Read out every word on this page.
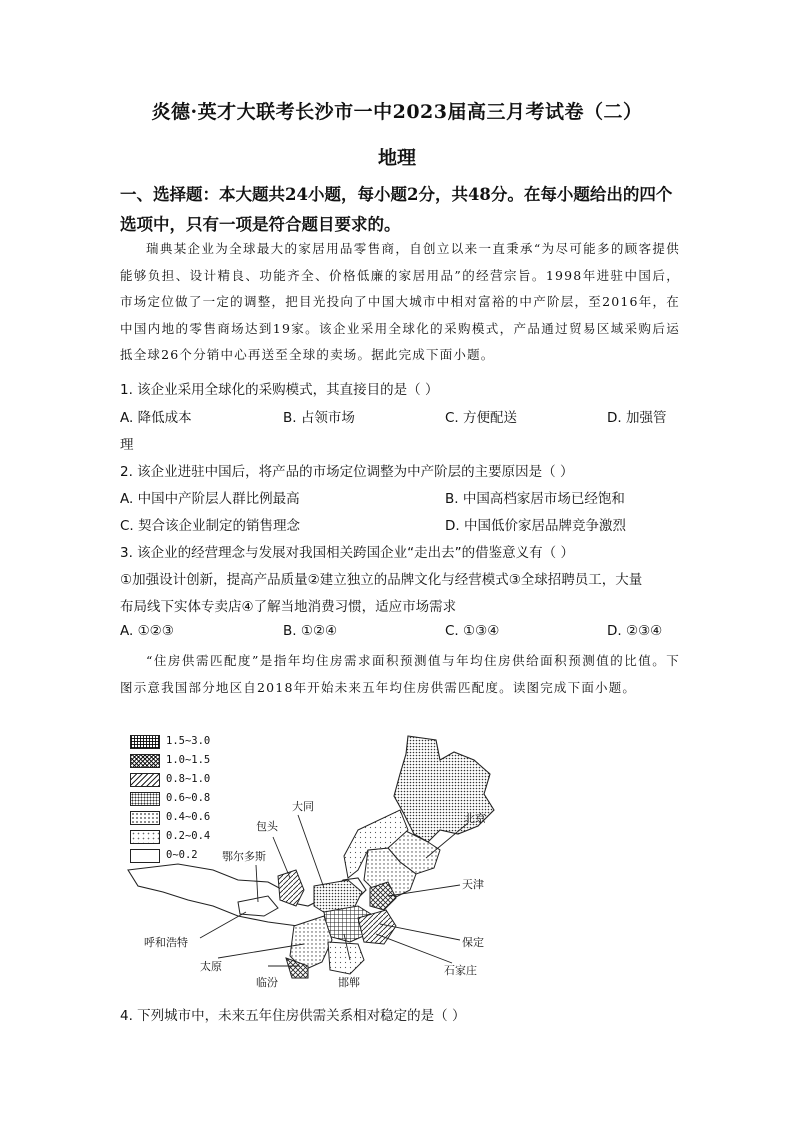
炎德·英才大联考长沙市一中2023届高三月考试卷（二）
地理
一、选择题：本大题共24小题，每小题2分，共48分。在每小题给出的四个
选项中，只有一项是符合题目要求的。
瑞典某企业为全球最大的家居用品零售商，自创立以来一直秉承“为尽可能多的顾客提供能够负担、设计精良、功能齐全、价格低廉的家居用品”的经营宗旨。1998年进驻中国后，市场定位做了一定的调整，把目光投向了中国大城市中相对富裕的中产阶层，至2016年，在中国内地的零售商场达到19家。该企业采用全球化的采购模式，产品通过贸易区域采购后运抵全球26个分销中心再送至全球的卖场。据此完成下面小题。
1. 该企业采用全球化的采购模式，其直接目的是（ ）
A. 降低成本	B. 占领市场	C. 方便配送	D. 加强管
理
2. 该企业进驻中国后，将产品的市场定位调整为中产阶层的主要原因是（ ）
A. 中国中产阶层人群比例最高	B. 中国高档家居市场已经饱和
C. 契合该企业制定的销售理念	D. 中国低价家居品牌竞争激烈
3. 该企业的经营理念与发展对我国相关跨国企业“走出去”的借鉴意义有（ ）
①加强设计创新，提高产品质量②建立独立的品牌文化与经营模式③全球招聘员工，大量
布局线下实体专卖店④了解当地消费习惯，适应市场需求
A. ①②③	B. ①②④	C. ①③④	D. ②③④
“住房供需匹配度”是指年均住房需求面积预测值与年均住房供给面积预测值的比值。下图示意我国部分地区自2018年开始未来五年均住房供需匹配度。读图完成下面小题。
1.5~3.0
1.0~1.5
0.8~1.0
0.6~0.8
0.4~0.6
0.2~0.4
0~0.2
大同
北京
包头
鄂尔多斯
天津
呼和浩特	保定
太原
临汾	邯郸
石家庄
4. 下列城市中，未来五年住房供需关系相对稳定的是（ ）
